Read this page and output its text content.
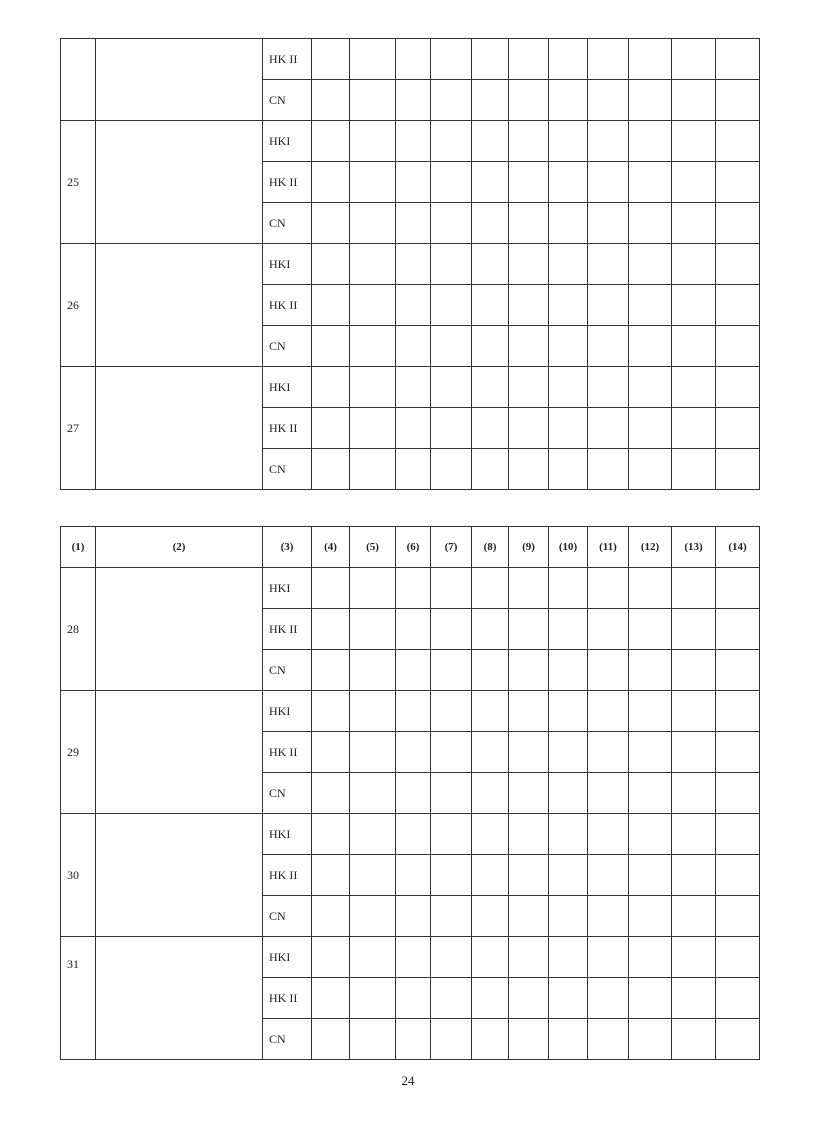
		HK II											
		CN											
25		HKI											
		HK II											
		CN											
26		HKI											
		HK II											
		CN											
27		HKI											
		HK II											
		CN											
(1)	(2)	(3)	(4)	(5)	(6)	(7)	(8)	(9)	(10)	(11)	(12)	(13)	(14)
28		HKI											
		HK II											
		CN											
29		HKI											
		HK II											
		CN											
30		HKI											
		HK II											
		CN											
31		HKI											
		HK II											
		CN											
24
